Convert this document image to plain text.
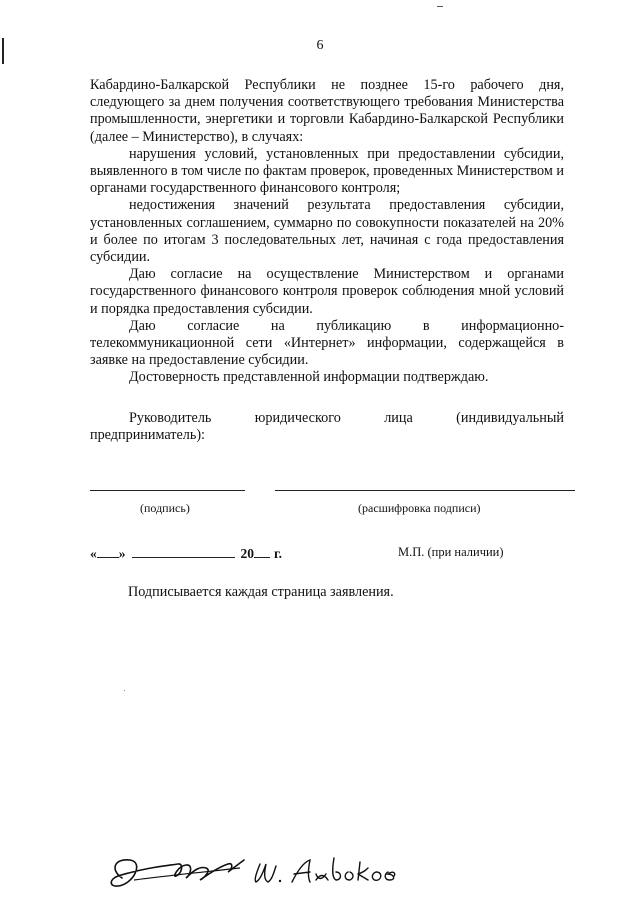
6

Кабардино-Балкарской Республики не позднее 15-го рабочего дня, следующего за днем получения соответствующего требования Министерства промышленности, энергетики и торговли Кабардино-Балкарской Республики (далее – Министерство), в случаях:

нарушения условий, установленных при предоставлении субсидии, выявленного в том числе по фактам проверок, проведенных Министерством и органами государственного финансового контроля;

недостижения значений результата предоставления субсидии, установленных соглашением, суммарно по совокупности показателей на 20% и более по итогам 3 последовательных лет, начиная с года предоставления субсидии.

Даю согласие на осуществление Министерством и органами государственного финансового контроля проверок соблюдения мной условий и порядка предоставления субсидии.

Даю согласие на публикацию в информационно-телекоммуникационной сети «Интернет» информации, содержащейся в заявке на предоставление субсидии.

Достоверность представленной информации подтверждаю.

Руководитель	юридического	лица	(индивидуальный
предприниматель):
(подпись)	(расшифровка подписи)
« »	20 г.	М.П. (при наличии)
Подписывается каждая страница заявления.
